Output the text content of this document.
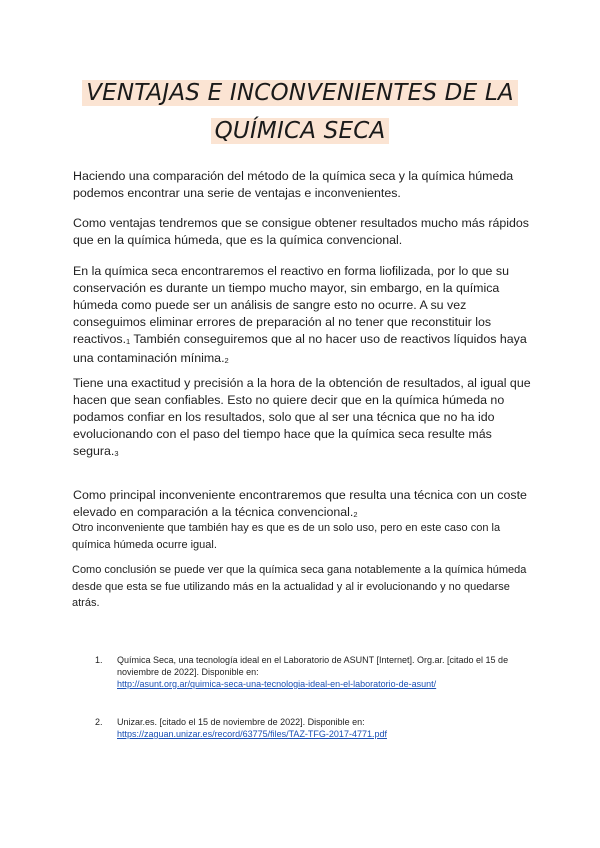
VENTAJAS E INCONVENIENTES DE LA
QUÍMICA SECA

Haciendo una comparación del método de la química seca y la química húmeda podemos encontrar una serie de ventajas e inconvenientes.

Como ventajas tendremos que se consigue obtener resultados mucho más rápidos que en la química húmeda, que es la química convencional.

En la química seca encontraremos el reactivo en forma liofilizada, por lo que su conservación es durante un tiempo mucho mayor, sin embargo, en la química húmeda como puede ser un análisis de sangre esto no ocurre. A su vez conseguimos eliminar errores de preparación al no tener que reconstituir los reactivos.1 También conseguiremos que al no hacer uso de reactivos líquidos haya una contaminación mínima.2

Tiene una exactitud y precisión a la hora de la obtención de resultados, al igual que hacen que sean confiables. Esto no quiere decir que en la química húmeda no podamos confiar en los resultados, solo que al ser una técnica que no ha ido evolucionando con el paso del tiempo hace que la química seca resulte más segura.3

Como principal inconveniente encontraremos que resulta una técnica con un coste elevado en comparación a la técnica convencional.2

Otro inconveniente que también hay es que es de un solo uso, pero en este caso con la química húmeda ocurre igual.

Como conclusión se puede ver que la química seca gana notablemente a la química húmeda desde que esta se fue utilizando más en la actualidad y al ir evolucionando y no quedarse atrás.

1. Química Seca, una tecnología ideal en el Laboratorio de ASUNT [Internet]. Org.ar. [citado el 15 de noviembre de 2022]. Disponible en:
http://asunt.org.ar/quimica-seca-una-tecnologia-ideal-en-el-laboratorio-de-asunt/
2. Unizar.es. [citado el 15 de noviembre de 2022]. Disponible en:
https://zaguan.unizar.es/record/63775/files/TAZ-TFG-2017-4771.pdf
